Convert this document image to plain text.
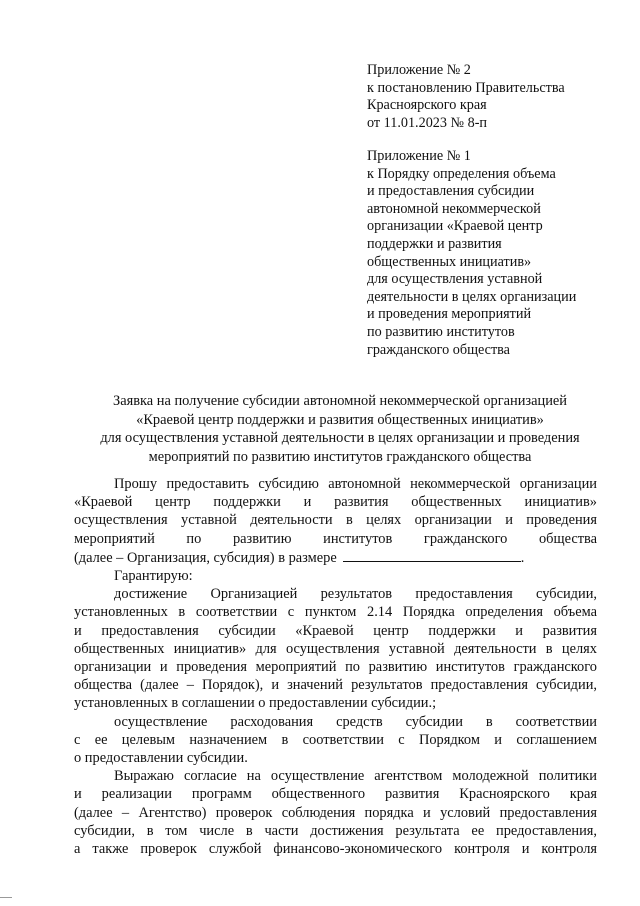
Приложение № 2
к постановлению Правительства
Красноярского края
от 11.01.2023 № 8-п
Приложение № 1
к Порядку определения объема
и предоставления субсидии
автономной некоммерческой
организации «Краевой центр
поддержки и развития
общественных инициатив»
для осуществления уставной
деятельности в целях организации
и проведения мероприятий
по развитию институтов
гражданского общества
Заявка на получение субсидии автономной некоммерческой организацией
«Краевой центр поддержки и развития общественных инициатив»
для осуществления уставной деятельности в целях организации и проведения
мероприятий по развитию институтов гражданского общества
Прошу предоставить субсидию автономной некоммерческой организации
«Краевой центр поддержки и развития общественных инициатив»
осуществления уставной деятельности в целях организации и проведения
мероприятий по развитию институтов гражданского общества
(далее – Организация, субсидия) в размере	.
Гарантирую:
достижение Организацией результатов предоставления субсидии,
установленных в соответствии с пунктом 2.14 Порядка определения объема
и предоставления субсидии «Краевой центр поддержки и развития
общественных инициатив» для осуществления уставной деятельности в целях
организации и проведения мероприятий по развитию институтов гражданского
общества (далее – Порядок), и значений результатов предоставления субсидии,
установленных в соглашении о предоставлении субсидии.;
осуществление расходования средств субсидии в соответствии
с ее целевым назначением в соответствии с Порядком и соглашением
о предоставлении субсидии.
Выражаю согласие на осуществление агентством молодежной политики
и реализации программ общественного развития Красноярского края
(далее – Агентство) проверок соблюдения порядка и условий предоставления
субсидии, в том числе в части достижения результата ее предоставления,
а также проверок службой финансово-экономического контроля и контроля
